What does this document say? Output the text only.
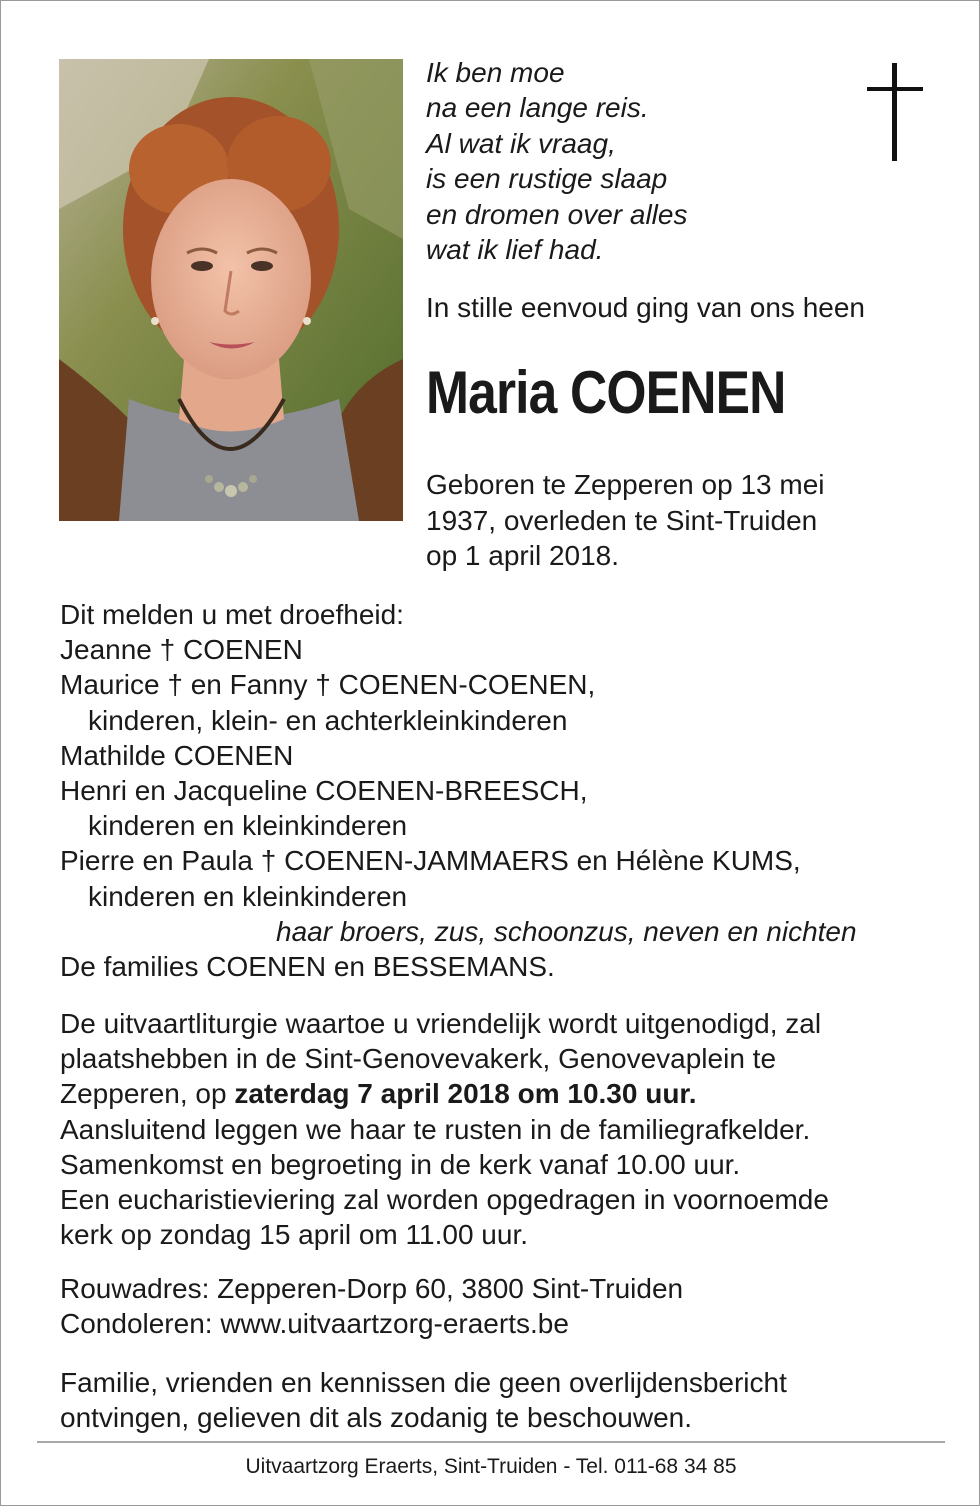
Ik ben moe
na een lange reis.
Al wat ik vraag,
is een rustige slaap
en dromen over alles
wat ik lief had.
In stille eenvoud ging van ons heen
Maria COENEN
Geboren te Zepperen op 13 mei
1937, overleden te Sint-Truiden
op 1 april 2018.
Dit melden u met droefheid:
Jeanne † COENEN
Maurice † en Fanny † COENEN-COENEN,
kinderen, klein- en achterkleinkinderen
Mathilde COENEN
Henri en Jacqueline COENEN-BREESCH,
kinderen en kleinkinderen
Pierre en Paula † COENEN-JAMMAERS en Hélène KUMS,
kinderen en kleinkinderen
haar broers, zus, schoonzus, neven en nichten
De families COENEN en BESSEMANS.
De uitvaartliturgie waartoe u vriendelijk wordt uitgenodigd, zal
plaatshebben in de Sint-Genovevakerk, Genovevaplein te
Zepperen, op zaterdag 7 april 2018 om 10.30 uur.
Aansluitend leggen we haar te rusten in de familiegrafkelder.
Samenkomst en begroeting in de kerk vanaf 10.00 uur.
Een eucharistieviering zal worden opgedragen in voornoemde
kerk op zondag 15 april om 11.00 uur.
Rouwadres: Zepperen-Dorp 60, 3800 Sint-Truiden
Condoleren: www.uitvaartzorg-eraerts.be
Familie, vrienden en kennissen die geen overlijdensbericht
ontvingen, gelieven dit als zodanig te beschouwen.
Uitvaartzorg Eraerts, Sint-Truiden - Tel. 011-68 34 85
